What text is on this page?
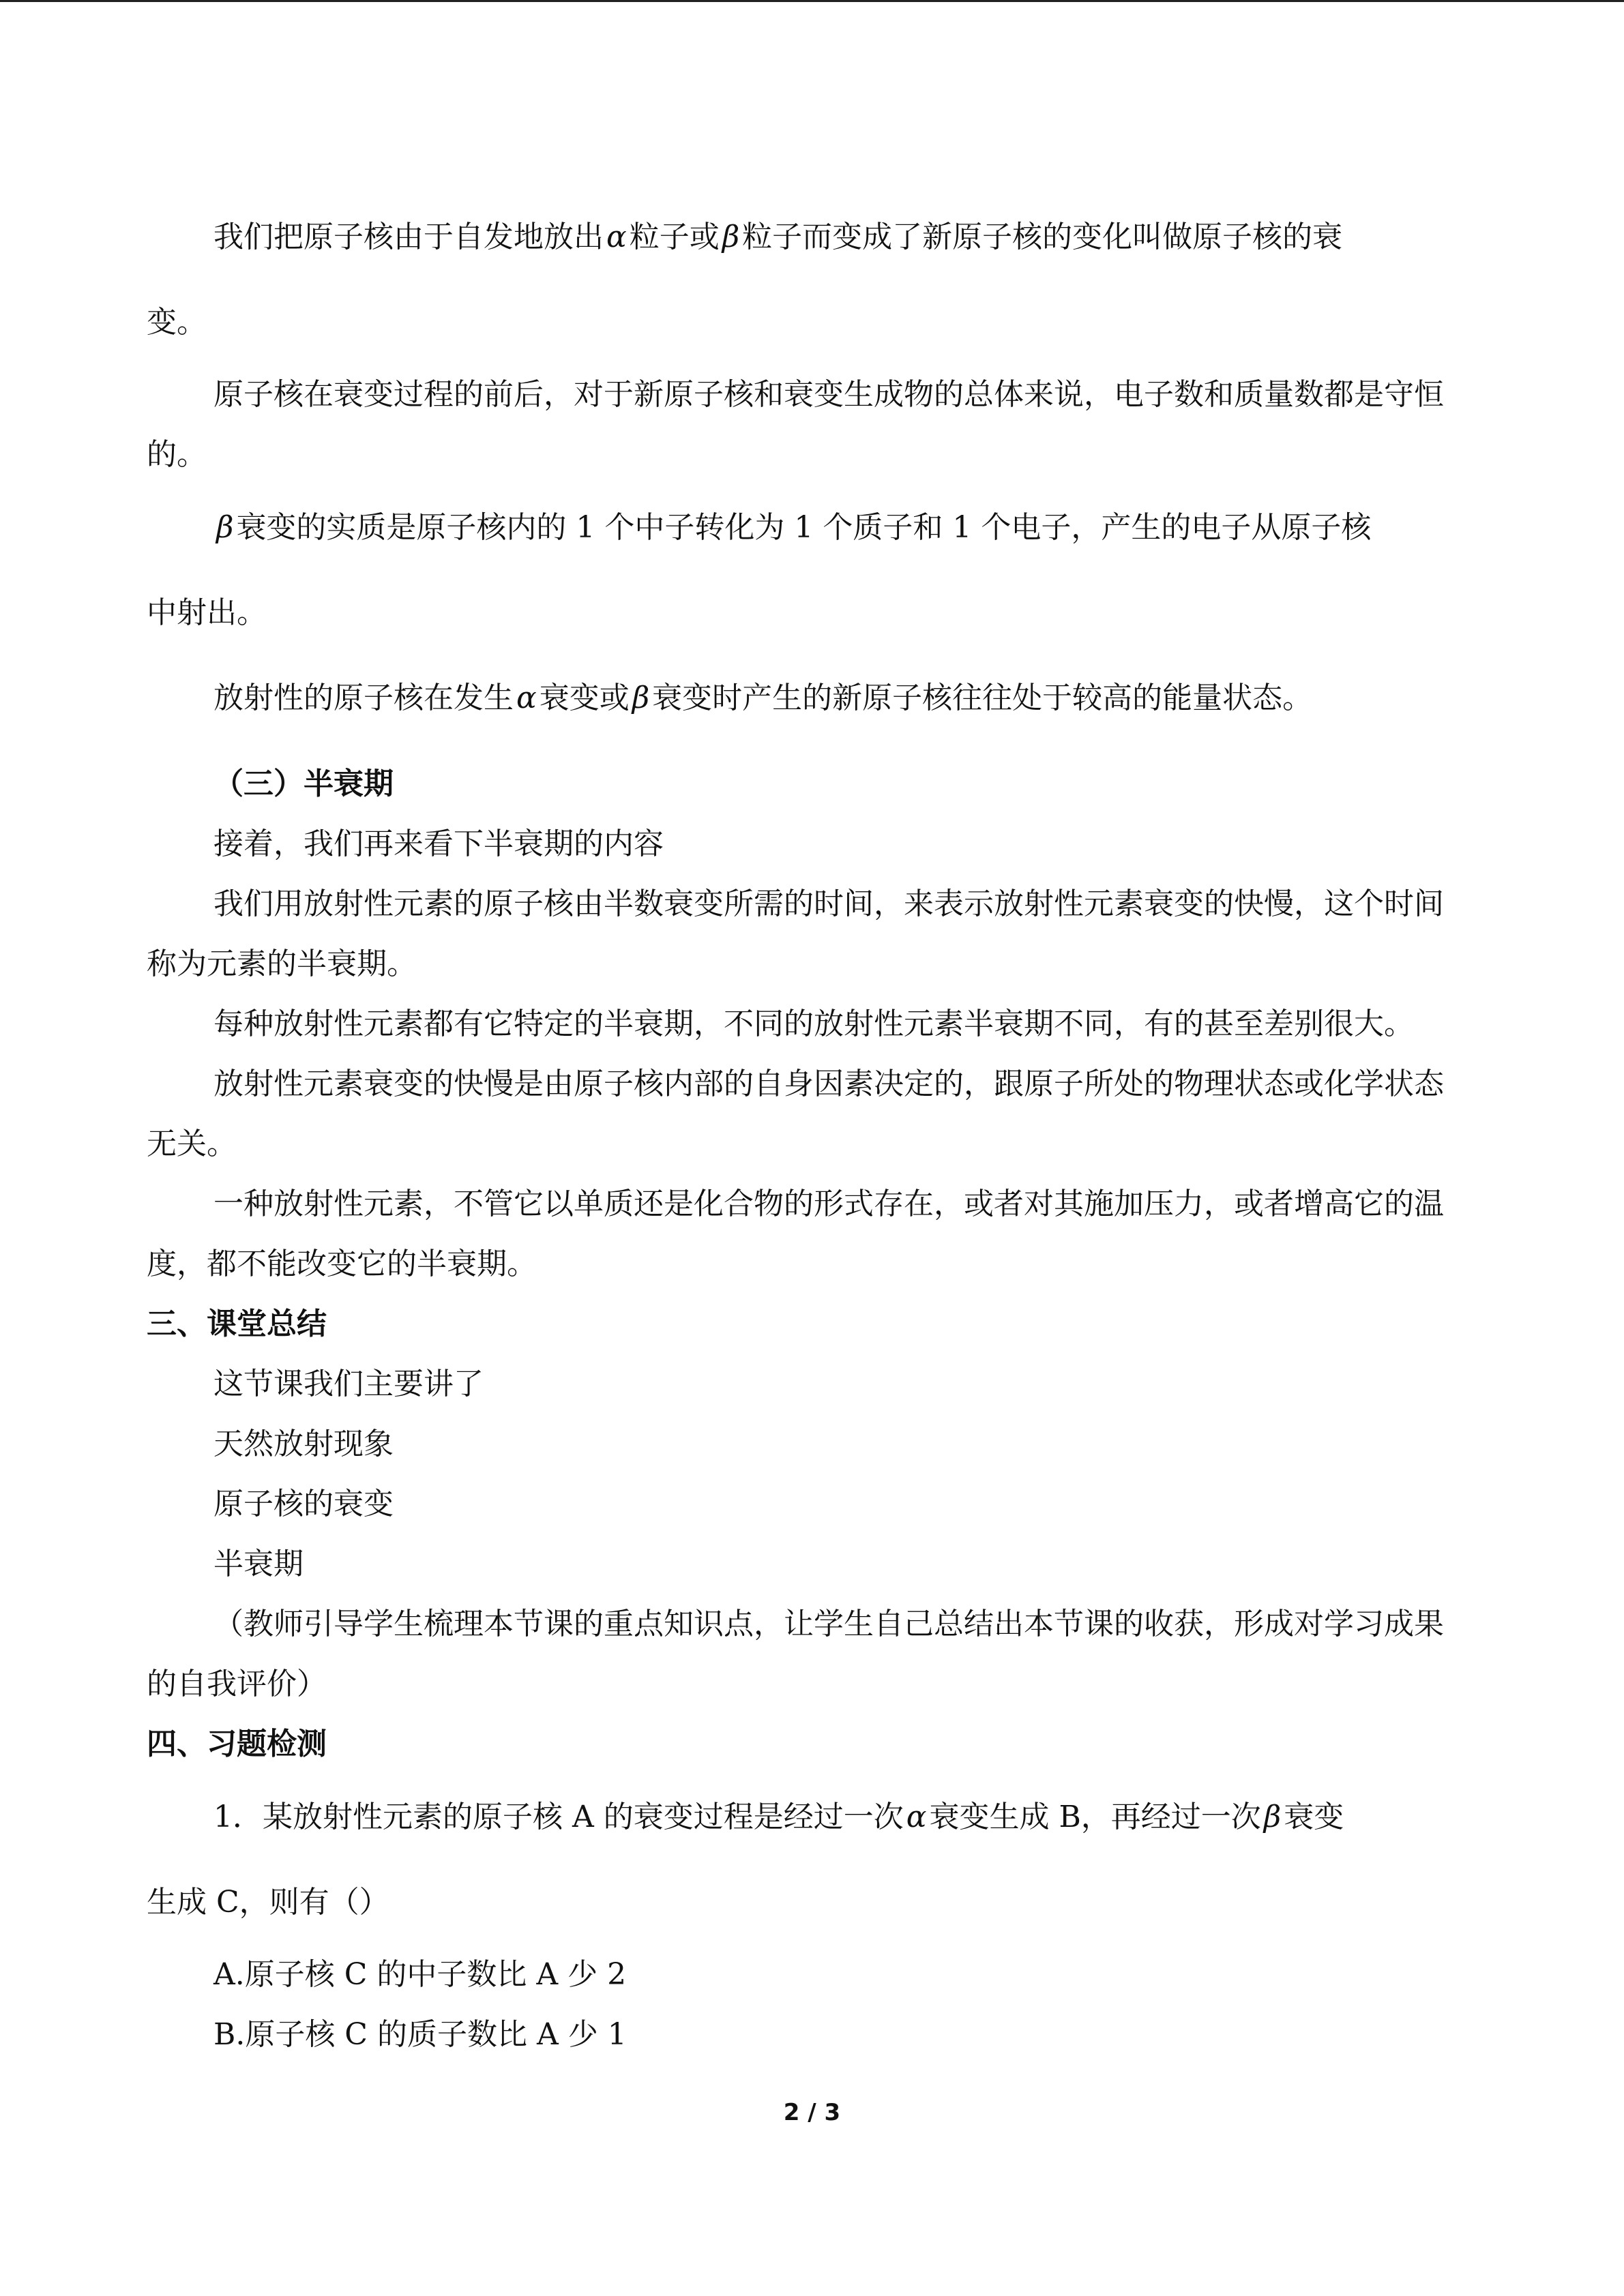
我们把原子核由于自发地放出α粒子或β粒子而变成了新原子核的变化叫做原子核的衰

变。

原子核在衰变过程的前后，对于新原子核和衰变生成物的总体来说，电子数和质量数都是守恒的。

β衰变的实质是原子核内的 1 个中子转化为 1 个质子和 1 个电子，产生的电子从原子核

中射出。

放射性的原子核在发生α衰变或β衰变时产生的新原子核往往处于较高的能量状态。

（三）半衰期

接着，我们再来看下半衰期的内容

我们用放射性元素的原子核由半数衰变所需的时间，来表示放射性元素衰变的快慢，这个时间称为元素的半衰期。

每种放射性元素都有它特定的半衰期，不同的放射性元素半衰期不同，有的甚至差别很大。

放射性元素衰变的快慢是由原子核内部的自身因素决定的，跟原子所处的物理状态或化学状态无关。

一种放射性元素，不管它以单质还是化合物的形式存在，或者对其施加压力，或者增高它的温度，都不能改变它的半衰期。

三、课堂总结

这节课我们主要讲了

天然放射现象

原子核的衰变

半衰期

（教师引导学生梳理本节课的重点知识点，让学生自己总结出本节课的收获，形成对学习成果的自我评价）

四、习题检测

1．某放射性元素的原子核 A 的衰变过程是经过一次α衰变生成 B，再经过一次β衰变

生成 C，则有（）

A.原子核 C 的中子数比 A 少 2

B.原子核 C 的质子数比 A 少 1

2 / 3
